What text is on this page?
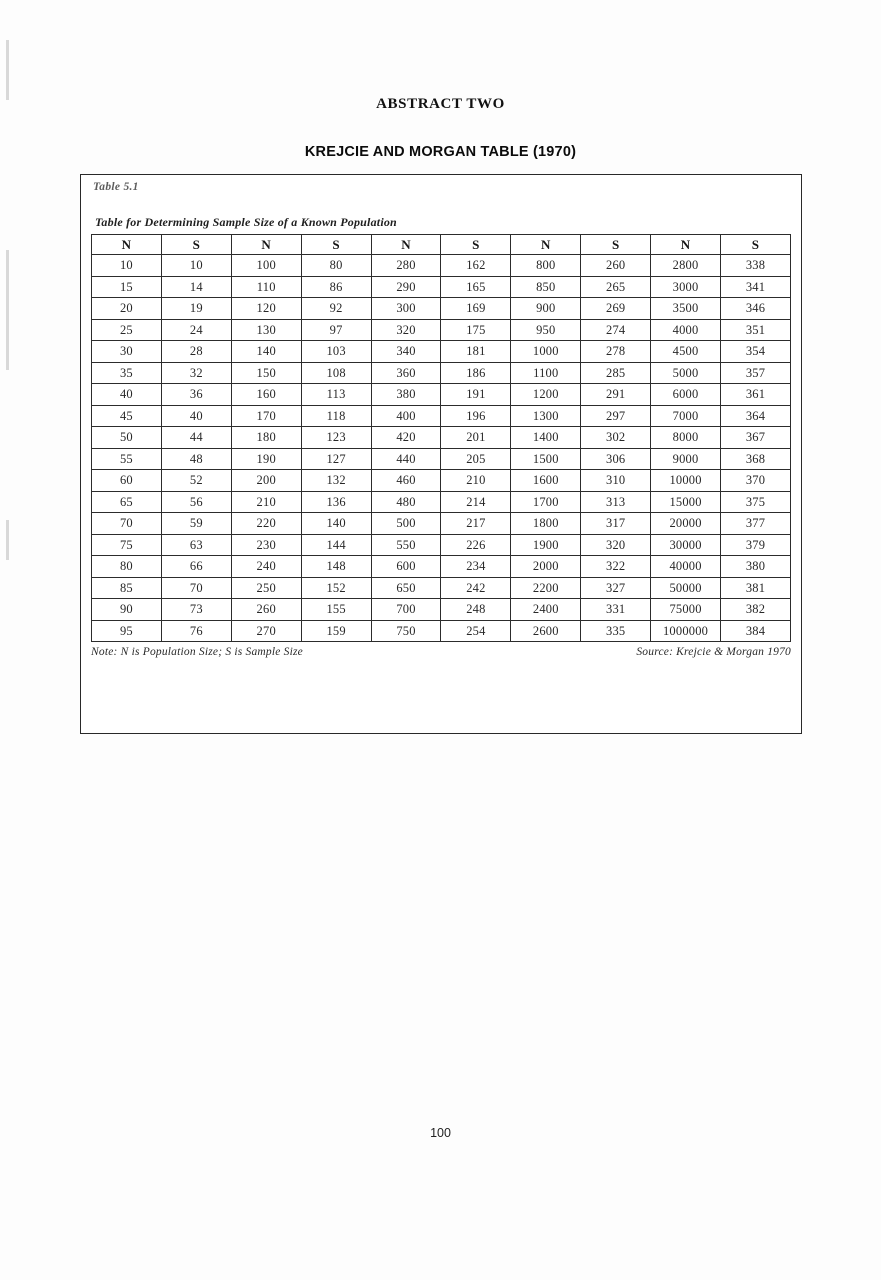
ABSTRACT TWO
KREJCIE AND MORGAN TABLE (1970)
Table 5.1
Table for Determining Sample Size of a Known Population
N	S	N	S	N	S	N	S	N	S
10	10	100	80	280	162	800	260	2800	338
15	14	110	86	290	165	850	265	3000	341
20	19	120	92	300	169	900	269	3500	346
25	24	130	97	320	175	950	274	4000	351
30	28	140	103	340	181	1000	278	4500	354
35	32	150	108	360	186	1100	285	5000	357
40	36	160	113	380	191	1200	291	6000	361
45	40	170	118	400	196	1300	297	7000	364
50	44	180	123	420	201	1400	302	8000	367
55	48	190	127	440	205	1500	306	9000	368
60	52	200	132	460	210	1600	310	10000	370
65	56	210	136	480	214	1700	313	15000	375
70	59	220	140	500	217	1800	317	20000	377
75	63	230	144	550	226	1900	320	30000	379
80	66	240	148	600	234	2000	322	40000	380
85	70	250	152	650	242	2200	327	50000	381
90	73	260	155	700	248	2400	331	75000	382
95	76	270	159	750	254	2600	335	1000000	384
Note: N is Population Size; S is Sample Size	Source: Krejcie & Morgan 1970
100
